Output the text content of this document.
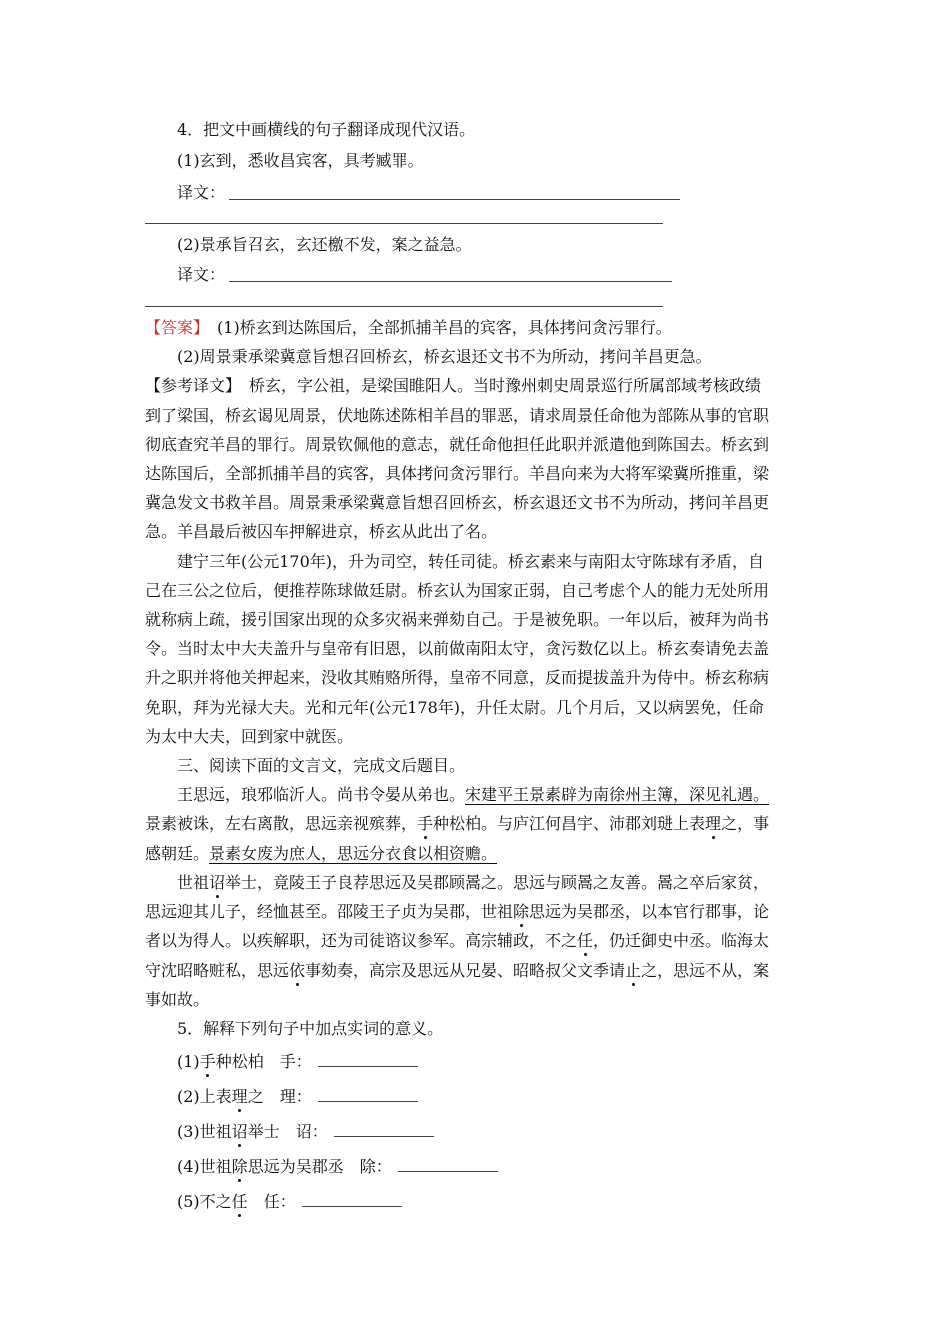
4．把文中画横线的句子翻译成现代汉语。
(1)玄到，悉收昌宾客，具考臧罪。
译文：
(2)景承旨召玄，玄还檄不发，案之益急。
译文：
【答案】　 (1)桥玄到达陈国后，全部抓捕羊昌的宾客，具体拷问贪污罪行。
(2)周景秉承梁冀意旨想召回桥玄，桥玄退还文书不为所动，拷问羊昌更急。
【参考译文】　 桥玄，字公祖，是梁国睢阳人。当时豫州刺史周景巡行所属部域考核政绩
到了梁国，桥玄谒见周景，伏地陈述陈相羊昌的罪恶，请求周景任命他为部陈从事的官职
彻底查究羊昌的罪行。周景钦佩他的意志，就任命他担任此职并派遣他到陈国去。桥玄到
达陈国后，全部抓捕羊昌的宾客，具体拷问贪污罪行。羊昌向来为大将军梁冀所推重，梁
冀急发文书救羊昌。周景秉承梁冀意旨想召回桥玄，桥玄退还文书不为所动，拷问羊昌更
急。羊昌最后被囚车押解进京，桥玄从此出了名。
建宁三年(公元170年)，升为司空，转任司徒。桥玄素来与南阳太守陈球有矛盾，自
己在三公之位后，便推荐陈球做廷尉。桥玄认为国家正弱，自己考虑个人的能力无处所用
就称病上疏，援引国家出现的众多灾祸来弹劾自己。于是被免职。一年以后，被拜为尚书
令。当时太中大夫盖升与皇帝有旧恩，以前做南阳太守，贪污数亿以上。桥玄奏请免去盖
升之职并将他关押起来，没收其贿赂所得，皇帝不同意，反而提拔盖升为侍中。桥玄称病
免职，拜为光禄大夫。光和元年(公元178年)，升任太尉。几个月后，又以病罢免，任命
为太中大夫，回到家中就医。
三、阅读下面的文言文，完成文后题目。
王思远，琅邪临沂人。尚书令晏从弟也。宋建平王景素辟为南徐州主簿，深见礼遇。
景素被诛，左右离散，思远亲视殡葬，手种松柏。与庐江何昌宇、沛郡刘琎上表理之，事
感朝廷。景素女废为庶人，思远分衣食以相资赡。
世祖诏举士，竟陵王子良荐思远及吴郡顾暠之。思远与顾暠之友善。暠之卒后家贫，
思远迎其儿子，经恤甚至。邵陵王子贞为吴郡，世祖除思远为吴郡丞，以本官行郡事，论
者以为得人。以疾解职，还为司徒谘议参军。高宗辅政，不之任，仍迁御史中丞。临海太
守沈昭略赃私，思远依事劾奏，高宗及思远从兄晏、昭略叔父文季请止之，思远不从，案
事如故。
5．解释下列句子中加点实词的意义。
(1)手种松柏　手：
(2)上表理之　理：
(3)世祖诏举士　诏：
(4)世祖除思远为吴郡丞　除：
(5)不之任　任：
